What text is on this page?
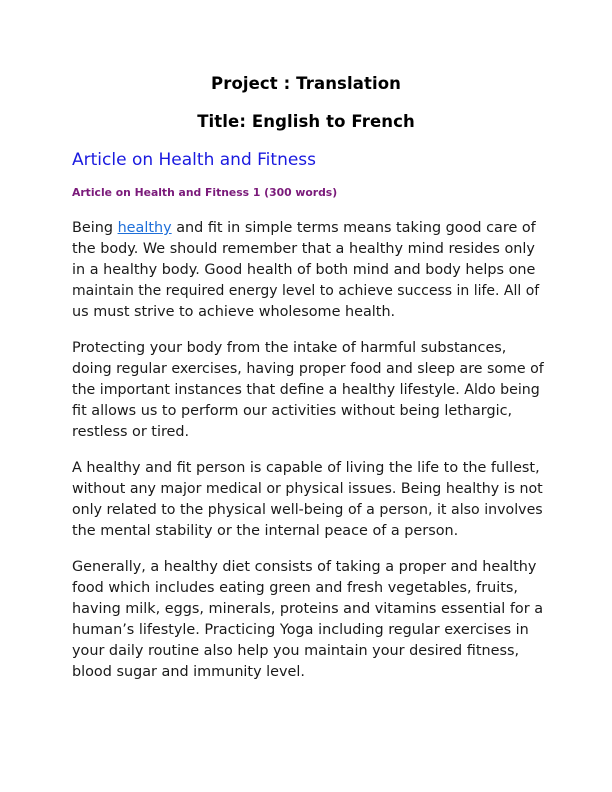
Project : Translation
Title: English to French
Article on Health and Fitness
Article on Health and Fitness 1 (300 words)

Being healthy and fit in simple terms means taking good care of
the body. We should remember that a healthy mind resides only
in a healthy body. Good health of both mind and body helps one
maintain the required energy level to achieve success in life. All of
us must strive to achieve wholesome health.

Protecting your body from the intake of harmful substances,
doing regular exercises, having proper food and sleep are some of
the important instances that define a healthy lifestyle. Aldo being
fit allows us to perform our activities without being lethargic,
restless or tired.

A healthy and fit person is capable of living the life to the fullest,
without any major medical or physical issues. Being healthy is not
only related to the physical well-being of a person, it also involves
the mental stability or the internal peace of a person.

Generally, a healthy diet consists of taking a proper and healthy
food which includes eating green and fresh vegetables, fruits,
having milk, eggs, minerals, proteins and vitamins essential for a
human’s lifestyle. Practicing Yoga including regular exercises in
your daily routine also help you maintain your desired fitness,
blood sugar and immunity level.
